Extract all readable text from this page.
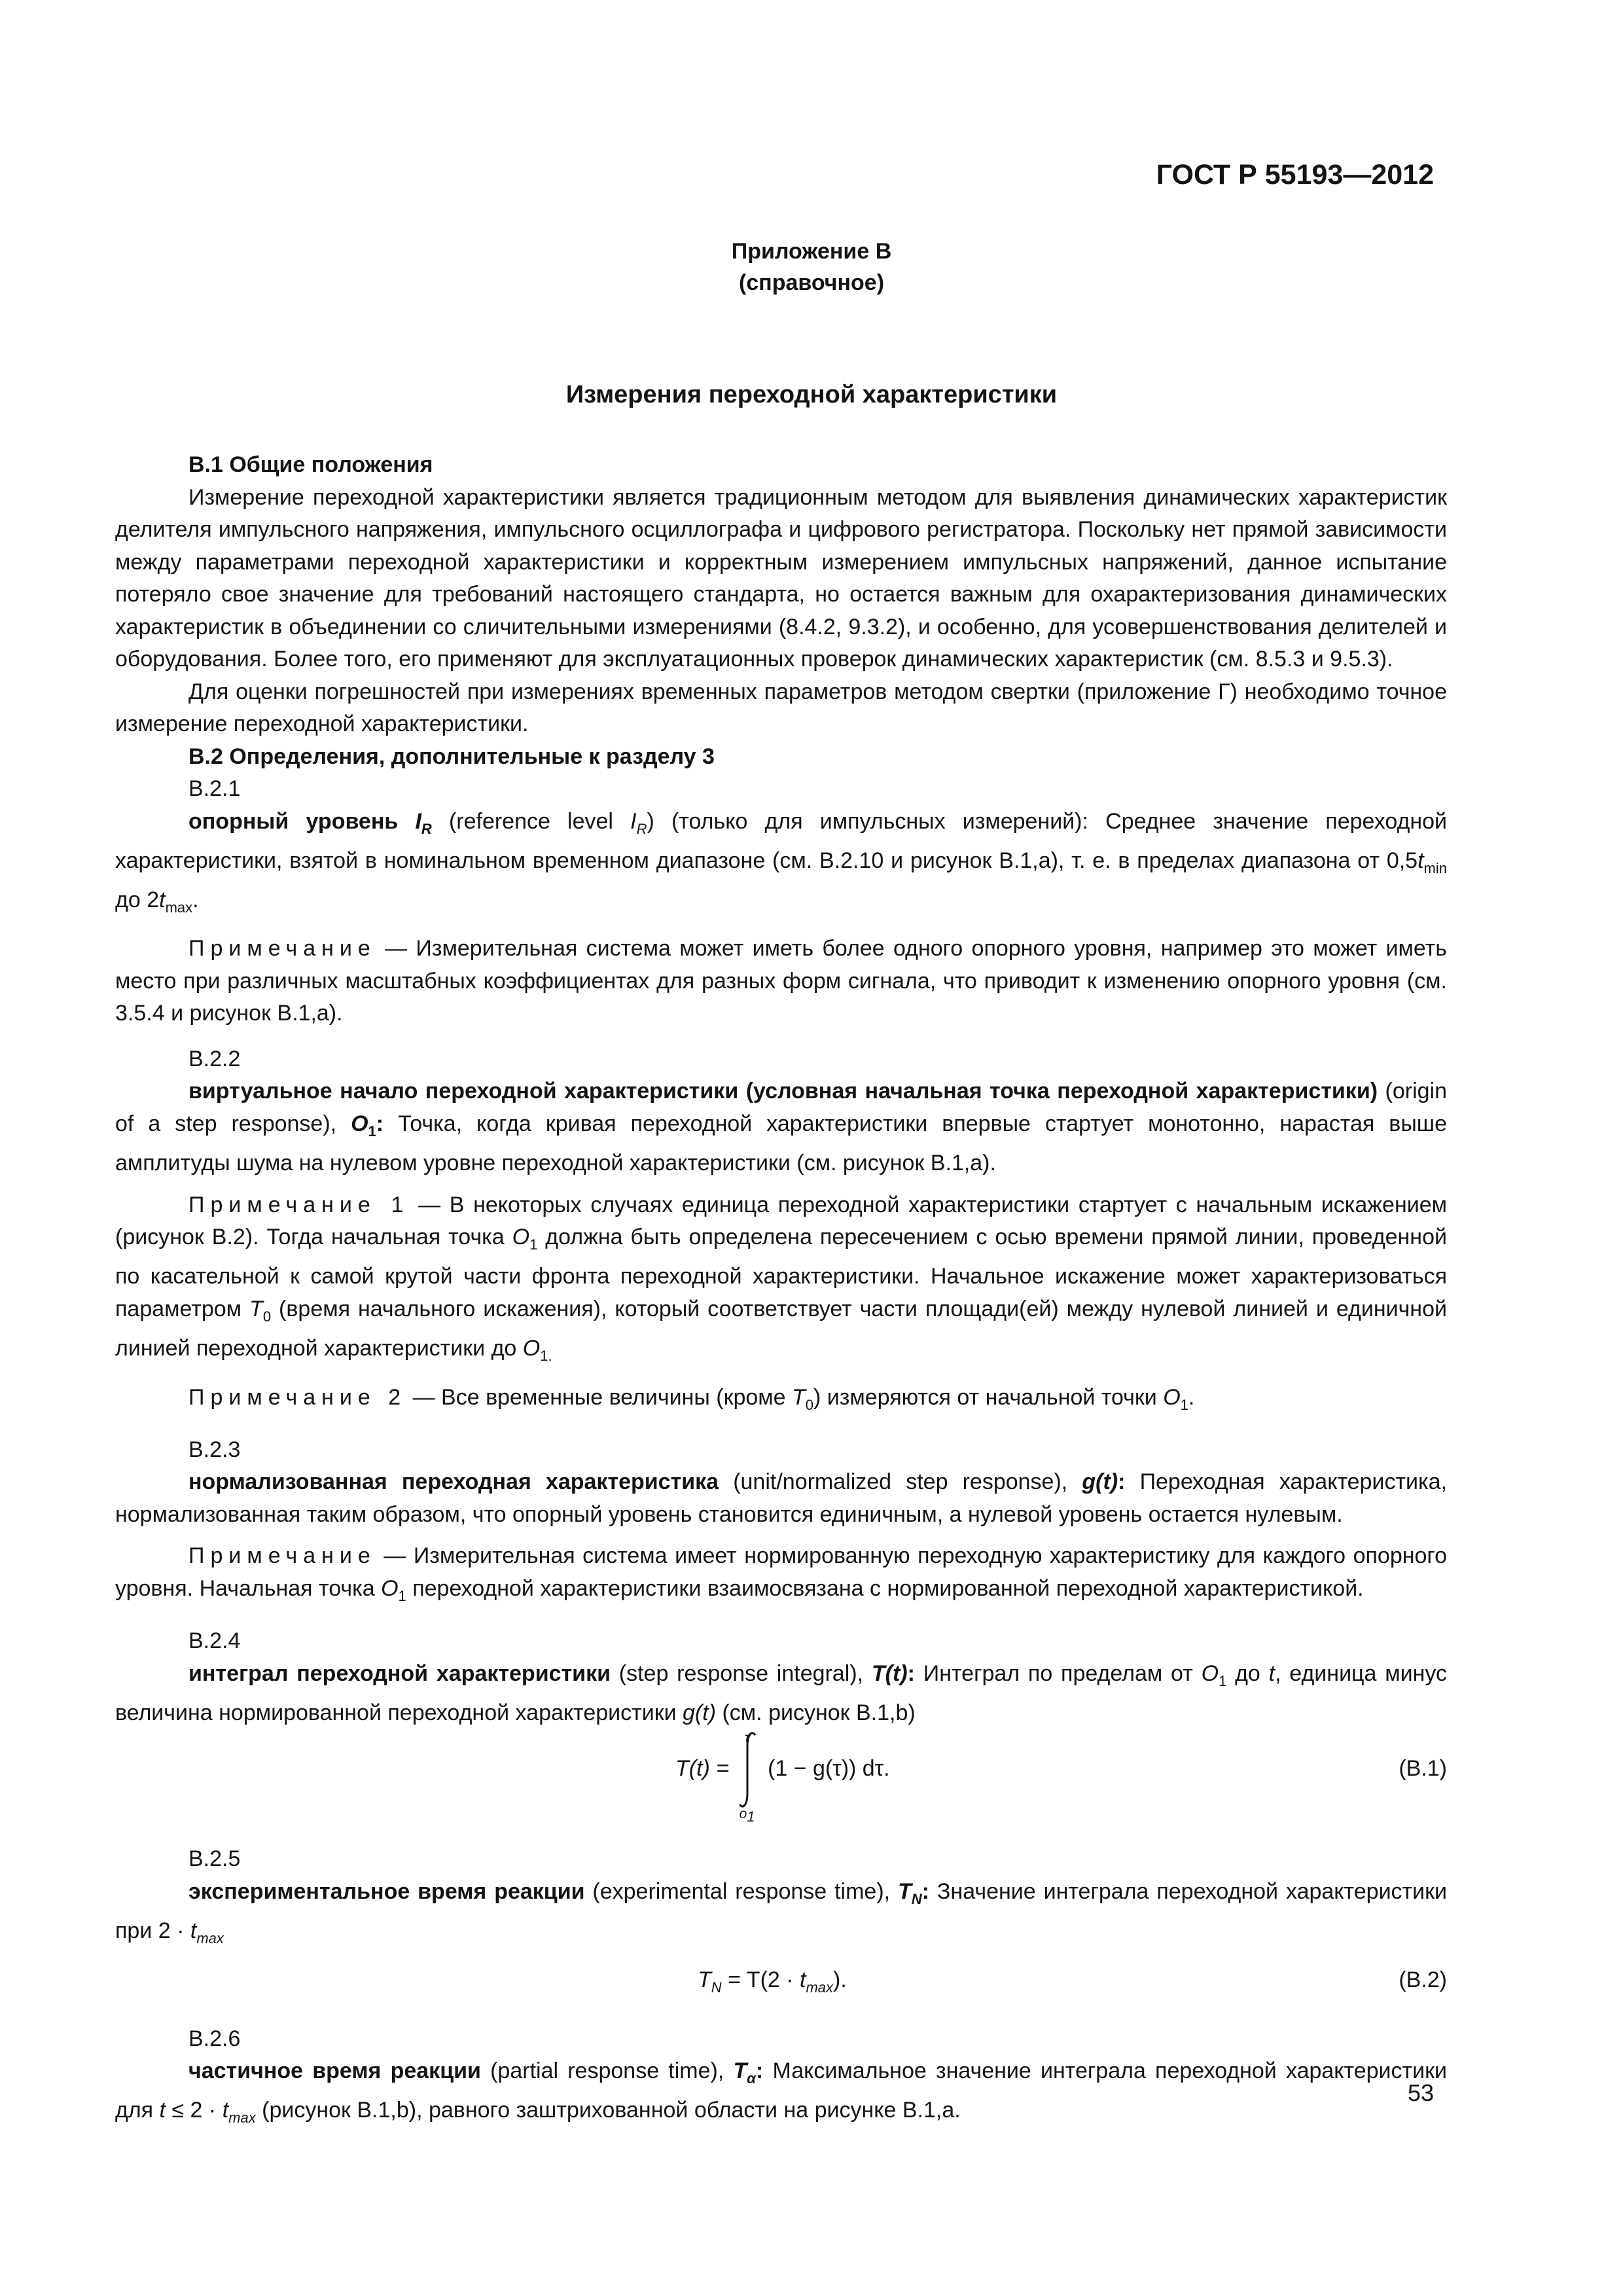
ГОСТ Р 55193—2012
Приложение В
(справочное)
Измерения переходной характеристики

В.1 Общие положения

Измерение переходной характеристики является традиционным методом для выявления динамических характеристик делителя импульсного напряжения, импульсного осциллографа и цифрового регистратора. Поскольку нет прямой зависимости между параметрами переходной характеристики и корректным измерением импульсных напряжений, данное испытание потеряло свое значение для требований настоящего стандарта, но остается важным для охарактеризования динамических характеристик в объединении со сличительными измерениями (8.4.2, 9.3.2), и особенно, для усовершенствования делителей и оборудования. Более того, его применяют для эксплуатационных проверок динамических характеристик (см. 8.5.3 и 9.5.3).

Для оценки погрешностей при измерениях временных параметров методом свертки (приложение Г) необходимо точное измерение переходной характеристики.

В.2 Определения, дополнительные к разделу 3

В.2.1

опорный уровень $I_R$ (reference level $I_R$) (только для импульсных измерений): Среднее значение переходной характеристики, взятой в номинальном временном диапазоне (см. В.2.10 и рисунок В.1,a), т. е. в пределах диапазона от $0,5t_{min}$ до $2t_{max}$.

Примечание — Измерительная система может иметь более одного опорного уровня, например это может иметь место при различных масштабных коэффициентах для разных форм сигнала, что приводит к изменению опорного уровня (см. 3.5.4 и рисунок В.1,a).

В.2.2

виртуальное начало переходной характеристики (условная начальная точка переходной характеристики) (origin of a step response), $O_1$: Точка, когда кривая переходной характеристики впервые стартует монотонно, нарастая выше амплитуды шума на нулевом уровне переходной характеристики (см. рисунок В.1,a).

Примечание 1 — В некоторых случаях единица переходной характеристики стартует с начальным искажением (рисунок В.2). Тогда начальная точка $O_1$ должна быть определена пересечением с осью времени прямой линии, проведенной по касательной к самой крутой части фронта переходной характеристики. Начальное искажение может характеризоваться параметром $T_0$ (время начального искажения), который соответствует части площади(ей) между нулевой линией и единичной линией переходной характеристики до $O_{1.}$

Примечание 2 — Все временные величины (кроме $T_0$) измеряются от начальной точки $O_1$.

В.2.3

нормализованная переходная характеристика (unit/normalized step response), g(t): Переходная характеристика, нормализованная таким образом, что опорный уровень становится единичным, а нулевой уровень остается нулевым.

Примечание — Измерительная система имеет нормированную переходную характеристику для каждого опорного уровня. Начальная точка $O_1$ переходной характеристики взаимосвязана с нормированной переходной характеристикой.

В.2.4

интеграл переходной характеристики (step response integral), T(t): Интеграл по пределам от $O_1$ до t, единица минус величина нормированной переходной характеристики g(t) (см. рисунок В.1,b)

T(t) =
τ
$o_1$
(1 − g(τ)) dτ.	(В.1)

В.2.5

экспериментальное время реакции (experimental response time), $T_N$: Значение интеграла переходной характеристики при $2 \cdot t_{max}$

$T_N = T(2 \cdot t_{max})$.	(В.2)

В.2.6

частичное время реакции (partial response time), $T_\alpha$: Максимальное значение интеграла переходной характеристики для $t \le 2 \cdot t_{max}$ (рисунок В.1,b), равного заштрихованной области на рисунке В.1,a.

53
